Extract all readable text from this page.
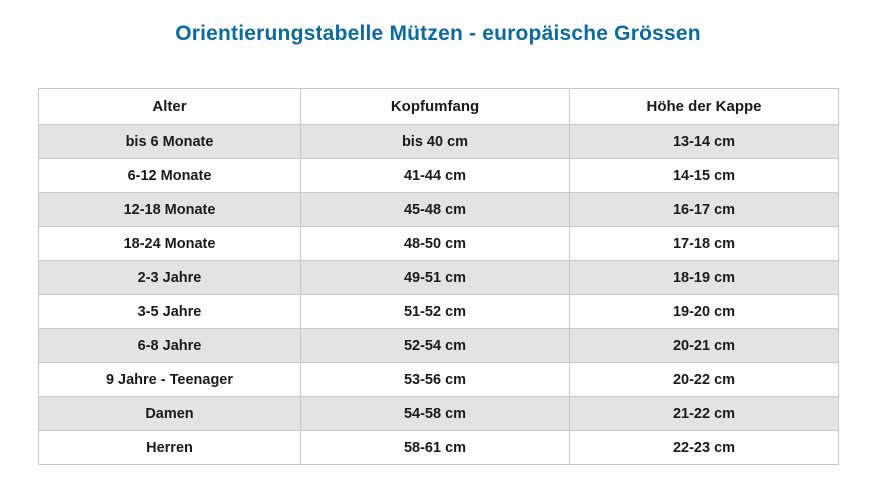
Orientierungstabelle Mützen - europäische Grössen
Alter	Kopfumfang	Höhe der Kappe
bis 6 Monate	bis 40 cm	13-14 cm
6-12 Monate	41-44 cm	14-15 cm
12-18 Monate	45-48 cm	16-17 cm
18-24 Monate	48-50 cm	17-18 cm
2-3 Jahre	49-51 cm	18-19 cm
3-5 Jahre	51-52 cm	19-20 cm
6-8 Jahre	52-54 cm	20-21 cm
9 Jahre - Teenager	53-56 cm	20-22 cm
Damen	54-58 cm	21-22 cm
Herren	58-61 cm	22-23 cm
